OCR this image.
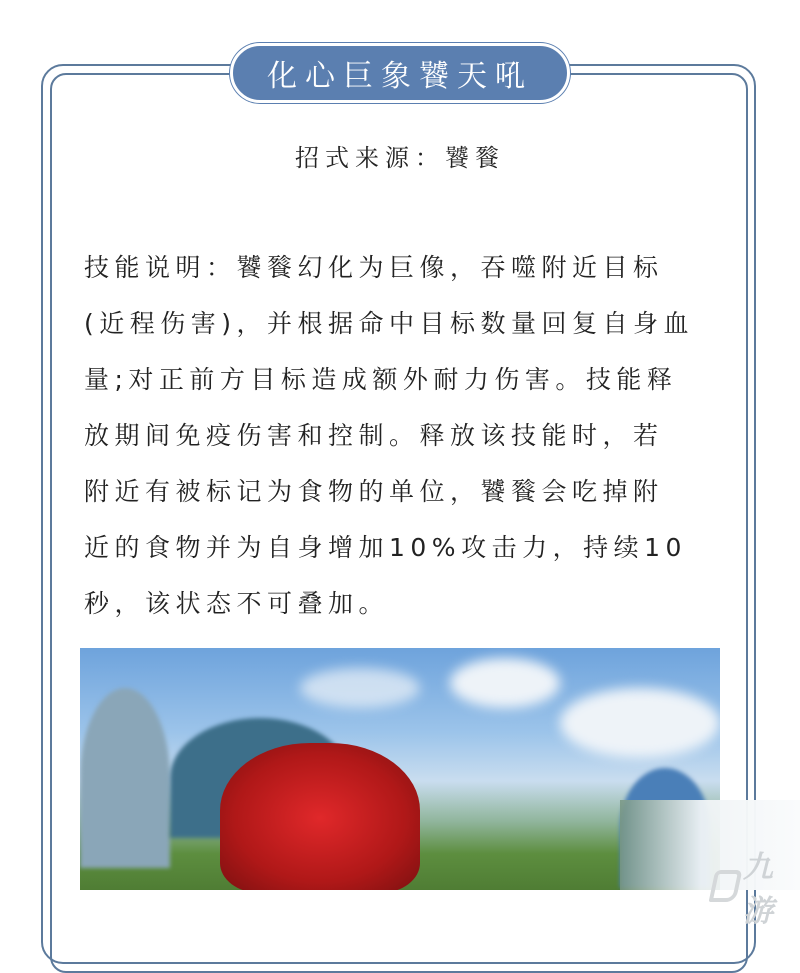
化心巨象饕天吼
招式来源：饕餮
技能说明：饕餮幻化为巨像，吞噬附近目标
(近程伤害)，并根据命中目标数量回复自身血
量;对正前方目标造成额外耐力伤害。技能释
放期间免疫伤害和控制。释放该技能时，若
附近有被标记为食物的单位，饕餮会吃掉附
近的食物并为自身增加10%攻击力，持续10
秒，该状态不可叠加。
九游
